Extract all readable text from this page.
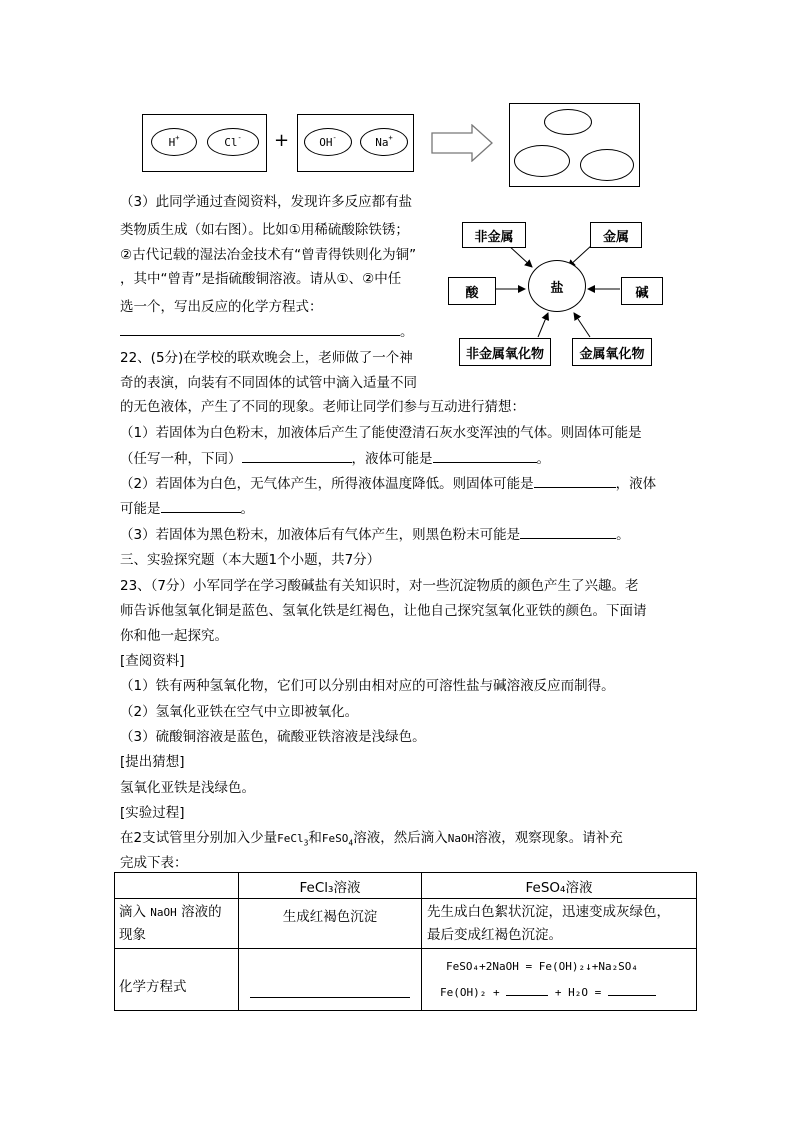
H+	Cl- +	OH-	Na+
（3）此同学通过查阅资料，发现许多反应都有盐
类物质生成（如右图）。比如①用稀硫酸除铁锈；
②古代记载的湿法冶金技术有“曾青得铁则化为铜”
，其中“曾青”是指硫酸铜溶液。请从①、②中任
选一个，写出反应的化学方程式：
。
盐
非金属	金属
酸	碱
非金属氧化物	金属氧化物
22、(5分)在学校的联欢晚会上，老师做了一个神
奇的表演，向装有不同固体的试管中滴入适量不同
的无色液体，产生了不同的现象。老师让同学们参与互动进行猜想：
（1）若固体为白色粉末，加液体后产生了能使澄清石灰水变浑浊的气体。则固体可能是
（任写一种，下同）	，液体可能是	。
（2）若固体为白色，无气体产生，所得液体温度降低。则固体可能是	，液体
可能是	。
（3）若固体为黑色粉末，加液体后有气体产生，则黑色粉末可能是	。
三、实验探究题（本大题1个小题，共7分）
23、（7分）小军同学在学习酸碱盐有关知识时，对一些沉淀物质的颜色产生了兴趣。老
师告诉他氢氧化铜是蓝色、氢氧化铁是红褐色，让他自己探究氢氧化亚铁的颜色。下面请
你和他一起探究。
[查阅资料]
（1）铁有两种氢氧化物，它们可以分别由相对应的可溶性盐与碱溶液反应而制得。
（2）氢氧化亚铁在空气中立即被氧化。
（3）硫酸铜溶液是蓝色，硫酸亚铁溶液是浅绿色。
[提出猜想]
氢氧化亚铁是浅绿色。
[实验过程]
在2支试管里分别加入少量FeCl$_3$和FeSO$_4$溶液，然后滴入NaOH溶液，观察现象。请补充
完成下表：
	FeCl₃溶液	FeSO₄溶液
滴入 NaOH 溶液的
现象	生成红褐色沉淀	先生成白色絮状沉淀，迅速变成灰绿色，
最后变成红褐色沉淀。
化学方程式		FeSO₄+2NaOH = Fe(OH)₂↓+Na₂SO₄
Fe(OH)₂ + + H₂O =
